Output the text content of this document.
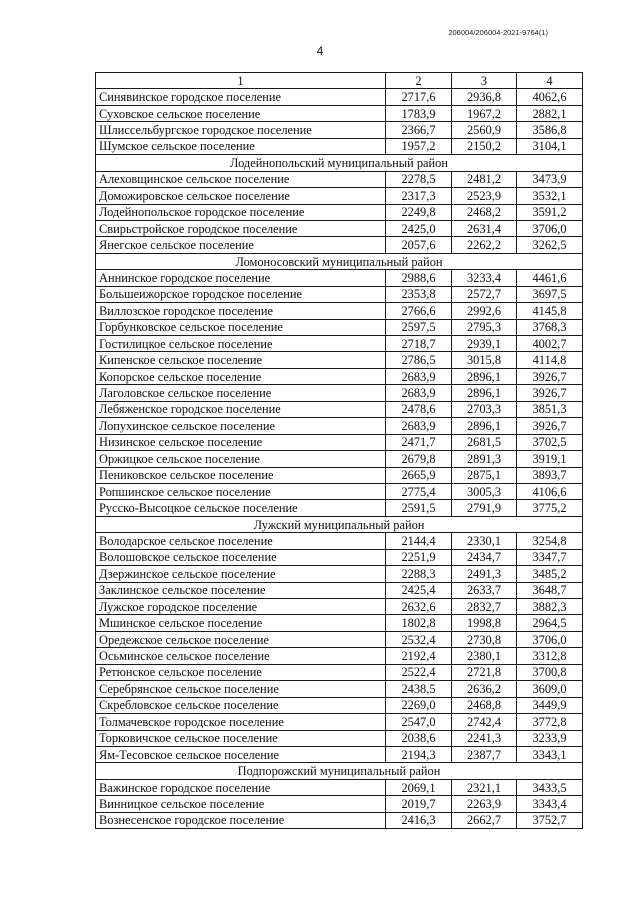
206004/206004-2021-9764(1)
4
1	2	3	4
Синявинское городское поселение	2717,6	2936,8	4062,6
Суховское сельское поселение	1783,9	1967,2	2882,1
Шлиссельбургское городское поселение	2366,7	2560,9	3586,8
Шумское сельское поселение	1957,2	2150,2	3104,1
Лодейнопольский муниципальный район			
Алеховщинское сельское поселение	2278,5	2481,2	3473,9
Доможировское сельское поселение	2317,3	2523,9	3532,1
Лодейнопольское городское поселение	2249,8	2468,2	3591,2
Свирьстройское городское поселение	2425,0	2631,4	3706,0
Янегское сельское поселение	2057,6	2262,2	3262,5
Ломоносовский муниципальный район			
Аннинское городское поселение	2988,6	3233,4	4461,6
Большеижорское городское поселение	2353,8	2572,7	3697,5
Виллозское городское поселение	2766,6	2992,6	4145,8
Горбунковское сельское поселение	2597,5	2795,3	3768,3
Гостилицкое сельское поселение	2718,7	2939,1	4002,7
Кипенское сельское поселение	2786,5	3015,8	4114,8
Копорское сельское поселение	2683,9	2896,1	3926,7
Лаголовское сельское поселение	2683,9	2896,1	3926,7
Лебяженское городское поселение	2478,6	2703,3	3851,3
Лопухинское сельское поселение	2683,9	2896,1	3926,7
Низинское сельское поселение	2471,7	2681,5	3702,5
Оржицкое сельское поселение	2679,8	2891,3	3919,1
Пениковское сельское поселение	2665,9	2875,1	3893,7
Ропшинское сельское поселение	2775,4	3005,3	4106,6
Русско-Высоцкое сельское поселение	2591,5	2791,9	3775,2
Лужский муниципальный район			
Володарское сельское поселение	2144,4	2330,1	3254,8
Волошовское сельское поселение	2251,9	2434,7	3347,7
Дзержинское сельское поселение	2288,3	2491,3	3485,2
Заклинское сельское поселение	2425,4	2633,7	3648,7
Лужское городское поселение	2632,6	2832,7	3882,3
Мшинское сельское поселение	1802,8	1998,8	2964,5
Оредежское сельское поселение	2532,4	2730,8	3706,0
Осьминское сельское поселение	2192,4	2380,1	3312,8
Ретюнское сельское поселение	2522,4	2721,8	3700,8
Серебрянское сельское поселение	2438,5	2636,2	3609,0
Скребловское сельское поселение	2269,0	2468,8	3449,9
Толмачевское городское поселение	2547,0	2742,4	3772,8
Торковичское сельское поселение	2038,6	2241,3	3233,9
Ям-Тесовское сельское поселение	2194,3	2387,7	3343,1
Подпорожский муниципальный район			
Важинское городское поселение	2069,1	2321,1	3433,5
Винницкое сельское поселение	2019,7	2263,9	3343,4
Вознесенское городское поселение	2416,3	2662,7	3752,7
